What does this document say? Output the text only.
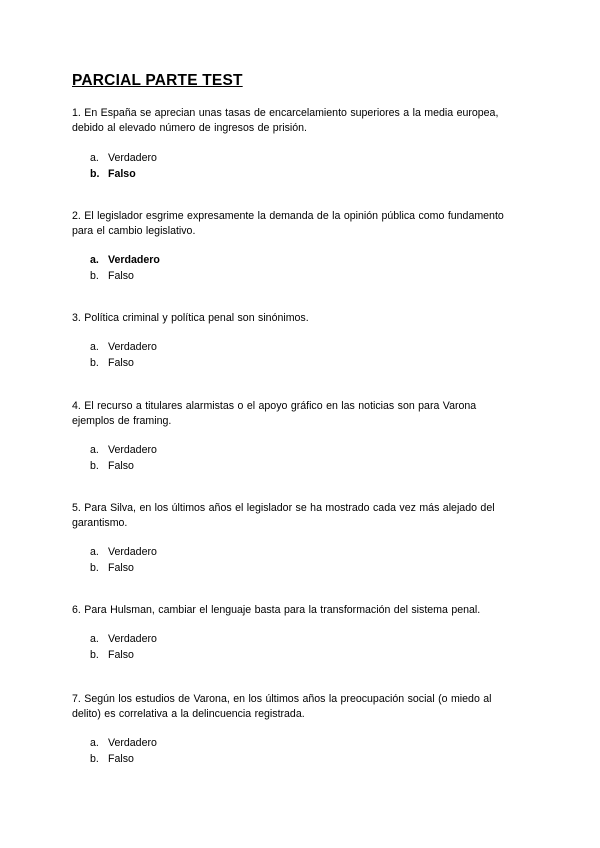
PARCIAL PARTE TEST

1. En España se aprecian unas tasas de encarcelamiento superiores a la media europea, debido al elevado número de ingresos de prisión.

a. Verdadero
b. Falso

2. El legislador esgrime expresamente la demanda de la opinión pública como fundamento para el cambio legislativo.

a. Verdadero
b. Falso

3. Política criminal y política penal son sinónimos.

a. Verdadero
b. Falso

4. El recurso a titulares alarmistas o el apoyo gráfico en las noticias son para Varona ejemplos de framing.

a. Verdadero
b. Falso

5. Para Silva, en los últimos años el legislador se ha mostrado cada vez más alejado del garantismo.

a. Verdadero
b. Falso

6. Para Hulsman, cambiar el lenguaje basta para la transformación del sistema penal.

a. Verdadero
b. Falso

7. Según los estudios de Varona, en los últimos años la preocupación social (o miedo al delito) es correlativa a la delincuencia registrada.

a. Verdadero
b. Falso
